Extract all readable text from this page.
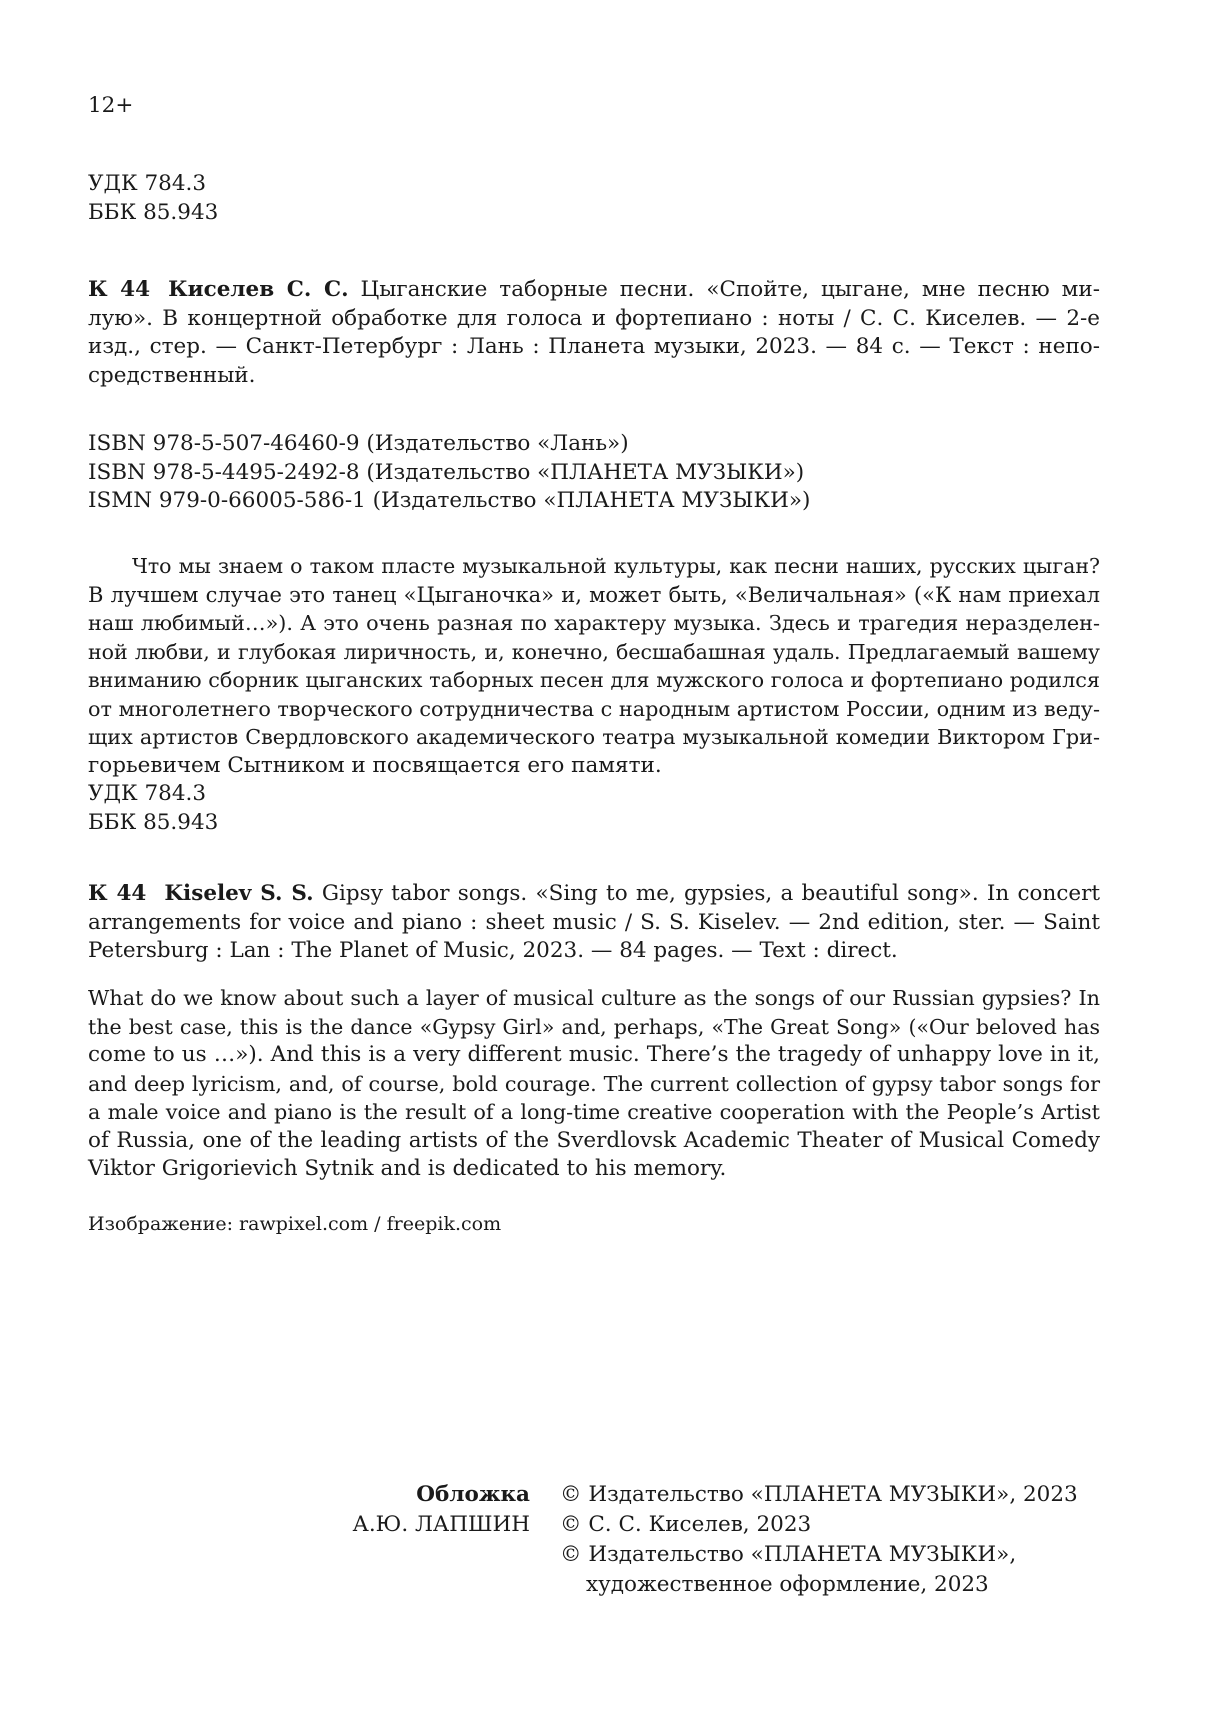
12+
УДК 784.3
ББК 85.943
К 44 Киселев С. С. Цыганские таборные песни. «Спойте, цыгане, мне песню ми-
лую». В концертной обработке для голоса и фортепиано : ноты / С. С. Киселев. — 2-е
изд., стер. — Санкт-Петербург : Лань : Планета музыки, 2023. — 84 с. — Текст : непо-
средственный.
ISBN 978-5-507-46460-9 (Издательство «Лань»)
ISBN 978-5-4495-2492-8 (Издательство «ПЛАНЕТА МУЗЫКИ»)
ISMN 979-0-66005-586-1 (Издательство «ПЛАНЕТА МУЗЫКИ»)
Что мы знаем о таком пласте музыкальной культуры, как песни наших, русских цыган?
В лучшем случае это танец «Цыганочка» и, может быть, «Величальная» («К нам приехал
наш любимый…»). А это очень разная по характеру музыка. Здесь и трагедия неразделен-
ной любви, и глубокая лиричность, и, конечно, бесшабашная удаль. Предлагаемый вашему
вниманию сборник цыганских таборных песен для мужского голоса и фортепиано родился
от многолетнего творческого сотрудничества с народным артистом России, одним из веду-
щих артистов Свердловского академического театра музыкальной комедии Виктором Гри-
горьевичем Сытником и посвящается его памяти.
УДК 784.3
ББК 85.943
К 44 Kiselev S. S. Gipsy tabor songs. «Sing to me, gypsies, a beautiful song». In concert
arrangements for voice and piano : sheet music / S. S. Kiselev. — 2nd edition, ster. — Saint
Petersburg : Lan : The Planet of Music, 2023. — 84 pages. — Text : direct.
What do we know about such a layer of musical culture as the songs of our Russian gypsies? In
the best case, this is the dance «Gypsy Girl» and, perhaps, «The Great Song» («Our beloved has
come to us …»). And this is a very different music. There’s the tragedy of unhappy love in it,
and deep lyricism, and, of course, bold courage. The current collection of gypsy tabor songs for
a male voice and piano is the result of a long-time creative cooperation with the People’s Artist
of Russia, one of the leading artists of the Sverdlovsk Academic Theater of Musical Comedy
Viktor Grigorievich Sytnik and is dedicated to his memory.
Изображение: rawpixel.com / freepik.com
Обложка
А.Ю. ЛАПШИН
© Издательство «ПЛАНЕТА МУЗЫКИ», 2023
© С. С. Киселев, 2023
© Издательство «ПЛАНЕТА МУЗЫКИ»,
художественное оформление, 2023
